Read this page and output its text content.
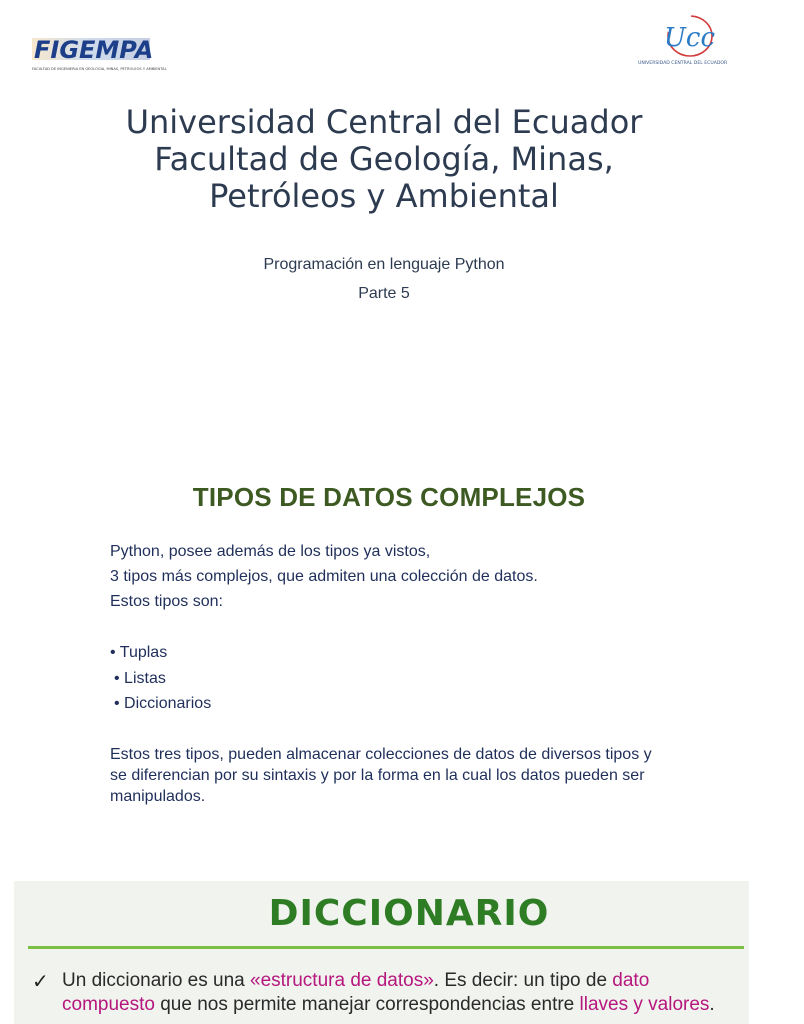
FIGEMPA
FACULTAD DE INGENIERIA EN GEOLOGIA, MINAS, PETROLEOS Y AMBIENTAL
Ucc
UNIVERSIDAD CENTRAL DEL ECUADOR
Universidad Central del Ecuador
Facultad de Geología, Minas,
Petróleos y Ambiental
Programación en lenguaje Python
Parte 5
TIPOS DE DATOS COMPLEJOS
Python, posee además de los tipos ya vistos,
3 tipos más complejos, que admiten una colección de datos.
Estos tipos son:
• Tuplas
• Listas
• Diccionarios
Estos tres tipos, pueden almacenar colecciones de datos de diversos tipos y se diferencian por su sintaxis y por la forma en la cual los datos pueden ser manipulados.
DICCIONARIO
✓ Un diccionario es una «estructura de datos». Es decir: un tipo de dato compuesto que nos permite manejar correspondencias entre llaves y valores.
